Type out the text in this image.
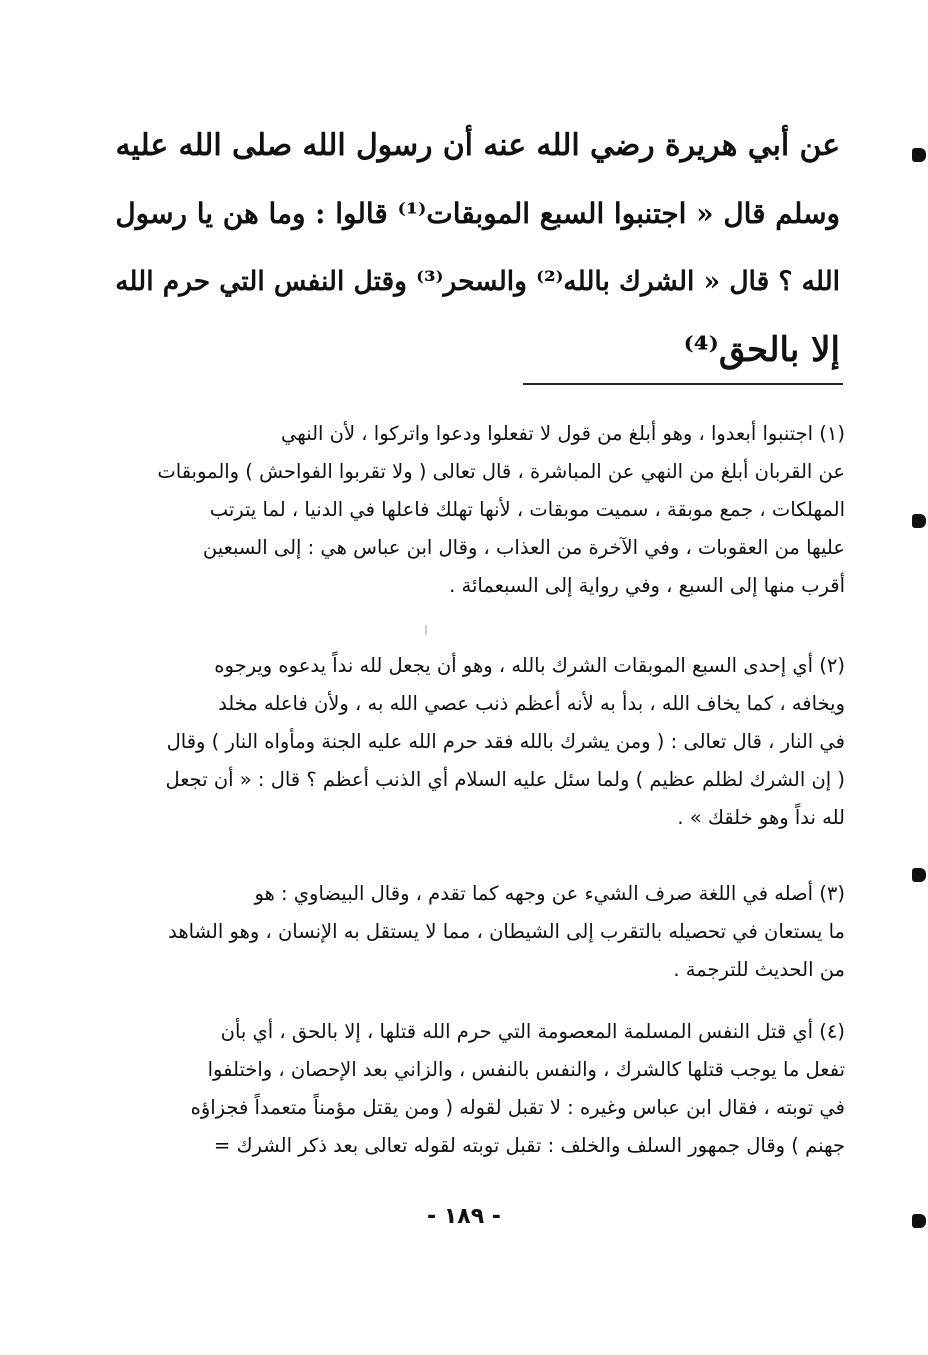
عن أبي هريرة رضي الله عنه أن رسول الله صلى الله عليه
وسلم قال « اجتنبوا السبع الموبقات⁽¹⁾ قالوا : وما هن يا رسول
الله ؟ قال « الشرك بالله⁽²⁾ والسحر⁽³⁾ وقتل النفس التي حرم الله
إلا بالحق⁽⁴⁾
(١) اجتنبوا أبعدوا ، وهو أبلغ من قول لا تفعلوا ودعوا واتركوا ، لأن النهي
عن القربان أبلغ من النهي عن المباشرة ، قال تعالى ( ولا تقربوا الفواحش ) والموبقات
المهلكات ، جمع موبقة ، سميت موبقات ، لأنها تهلك فاعلها في الدنيا ، لما يترتب
عليها من العقوبات ، وفي الآخرة من العذاب ، وقال ابن عباس هي : إلى السبعين
أقرب منها إلى السبع ، وفي رواية إلى السبعمائة .
(٢) أي إحدى السبع الموبقات الشرك بالله ، وهو أن يجعل لله نداً يدعوه ويرجوه
ويخافه ، كما يخاف الله ، بدأ به لأنه أعظم ذنب عصي الله به ، ولأن فاعله مخلد
في النار ، قال تعالى : ( ومن يشرك بالله فقد حرم الله عليه الجنة ومأواه النار ) وقال
( إن الشرك لظلم عظيم ) ولما سئل عليه السلام أي الذنب أعظم ؟ قال : « أن تجعل
لله نداً وهو خلقك » .
(٣) أصله في اللغة صرف الشيء عن وجهه كما تقدم ، وقال البيضاوي : هو
ما يستعان في تحصيله بالتقرب إلى الشيطان ، مما لا يستقل به الإنسان ، وهو الشاهد
من الحديث للترجمة .
(٤) أي قتل النفس المسلمة المعصومة التي حرم الله قتلها ، إلا بالحق ، أي بأن
تفعل ما يوجب قتلها كالشرك ، والنفس بالنفس ، والزاني بعد الإحصان ، واختلفوا
في توبته ، فقال ابن عباس وغيره : لا تقبل لقوله ( ومن يقتل مؤمناً متعمداً فجزاؤه
جهنم ) وقال جمهور السلف والخلف : تقبل توبته لقوله تعالى بعد ذكر الشرك =
- ١٨٩ -
